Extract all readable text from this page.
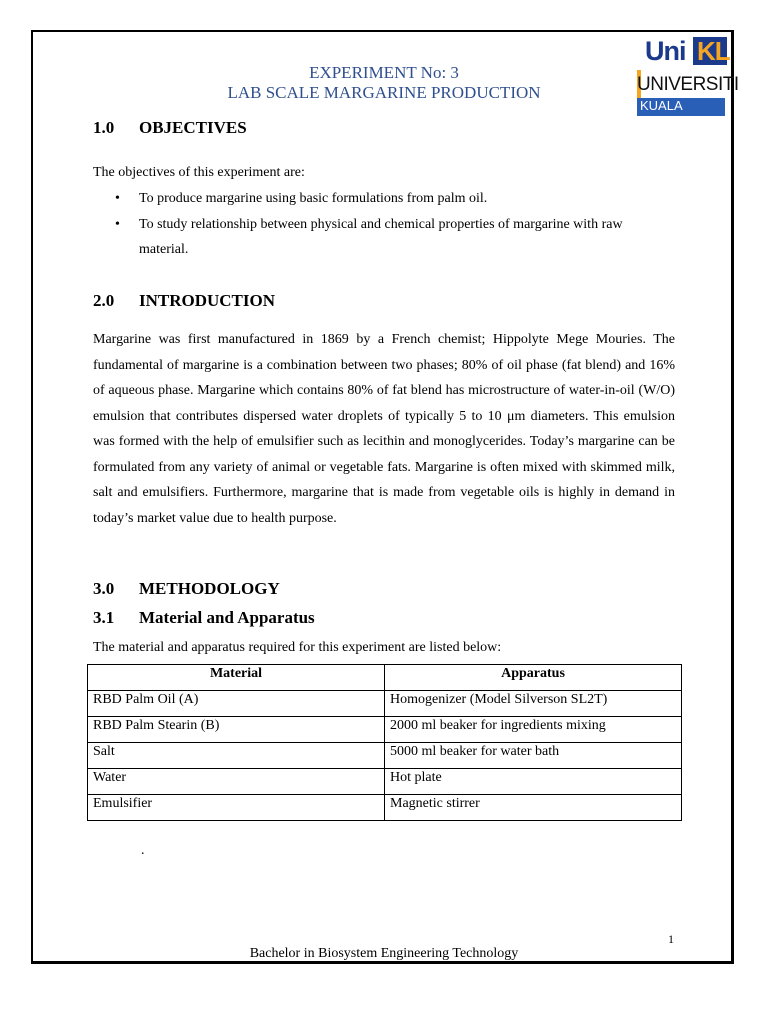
Uni KL
UNIVERSITI
KUALA LUMPUR
EXPERIMENT No: 3
LAB SCALE MARGARINE PRODUCTION
1.0 OBJECTIVES
The objectives of this experiment are:
• To produce margarine using basic formulations from palm oil.
• To study relationship between physical and chemical properties of margarine with raw material.
2.0 INTRODUCTION

Margarine was first manufactured in 1869 by a French chemist; Hippolyte Mege Mouries. The fundamental of margarine is a combination between two phases; 80% of oil phase (fat blend) and 16% of aqueous phase. Margarine which contains 80% of fat blend has microstructure of water-in-oil (W/O) emulsion that contributes dispersed water droplets of typically 5 to 10 μm diameters. This emulsion was formed with the help of emulsifier such as lecithin and monoglycerides. Today’s margarine can be formulated from any variety of animal or vegetable fats. Margarine is often mixed with skimmed milk, salt and emulsifiers. Furthermore, margarine that is made from vegetable oils is highly in demand in today’s market value due to health purpose.

3.0 METHODOLOGY
3.1 Material and Apparatus
The material and apparatus required for this experiment are listed below:
Material	Apparatus
RBD Palm Oil (A)	Homogenizer (Model Silverson SL2T)
RBD Palm Stearin (B)	2000 ml beaker for ingredients mixing
Salt	5000 ml beaker for water bath
Water	Hot plate
Emulsifier	Magnetic stirrer
.
1
Bachelor in Biosystem Engineering Technology
